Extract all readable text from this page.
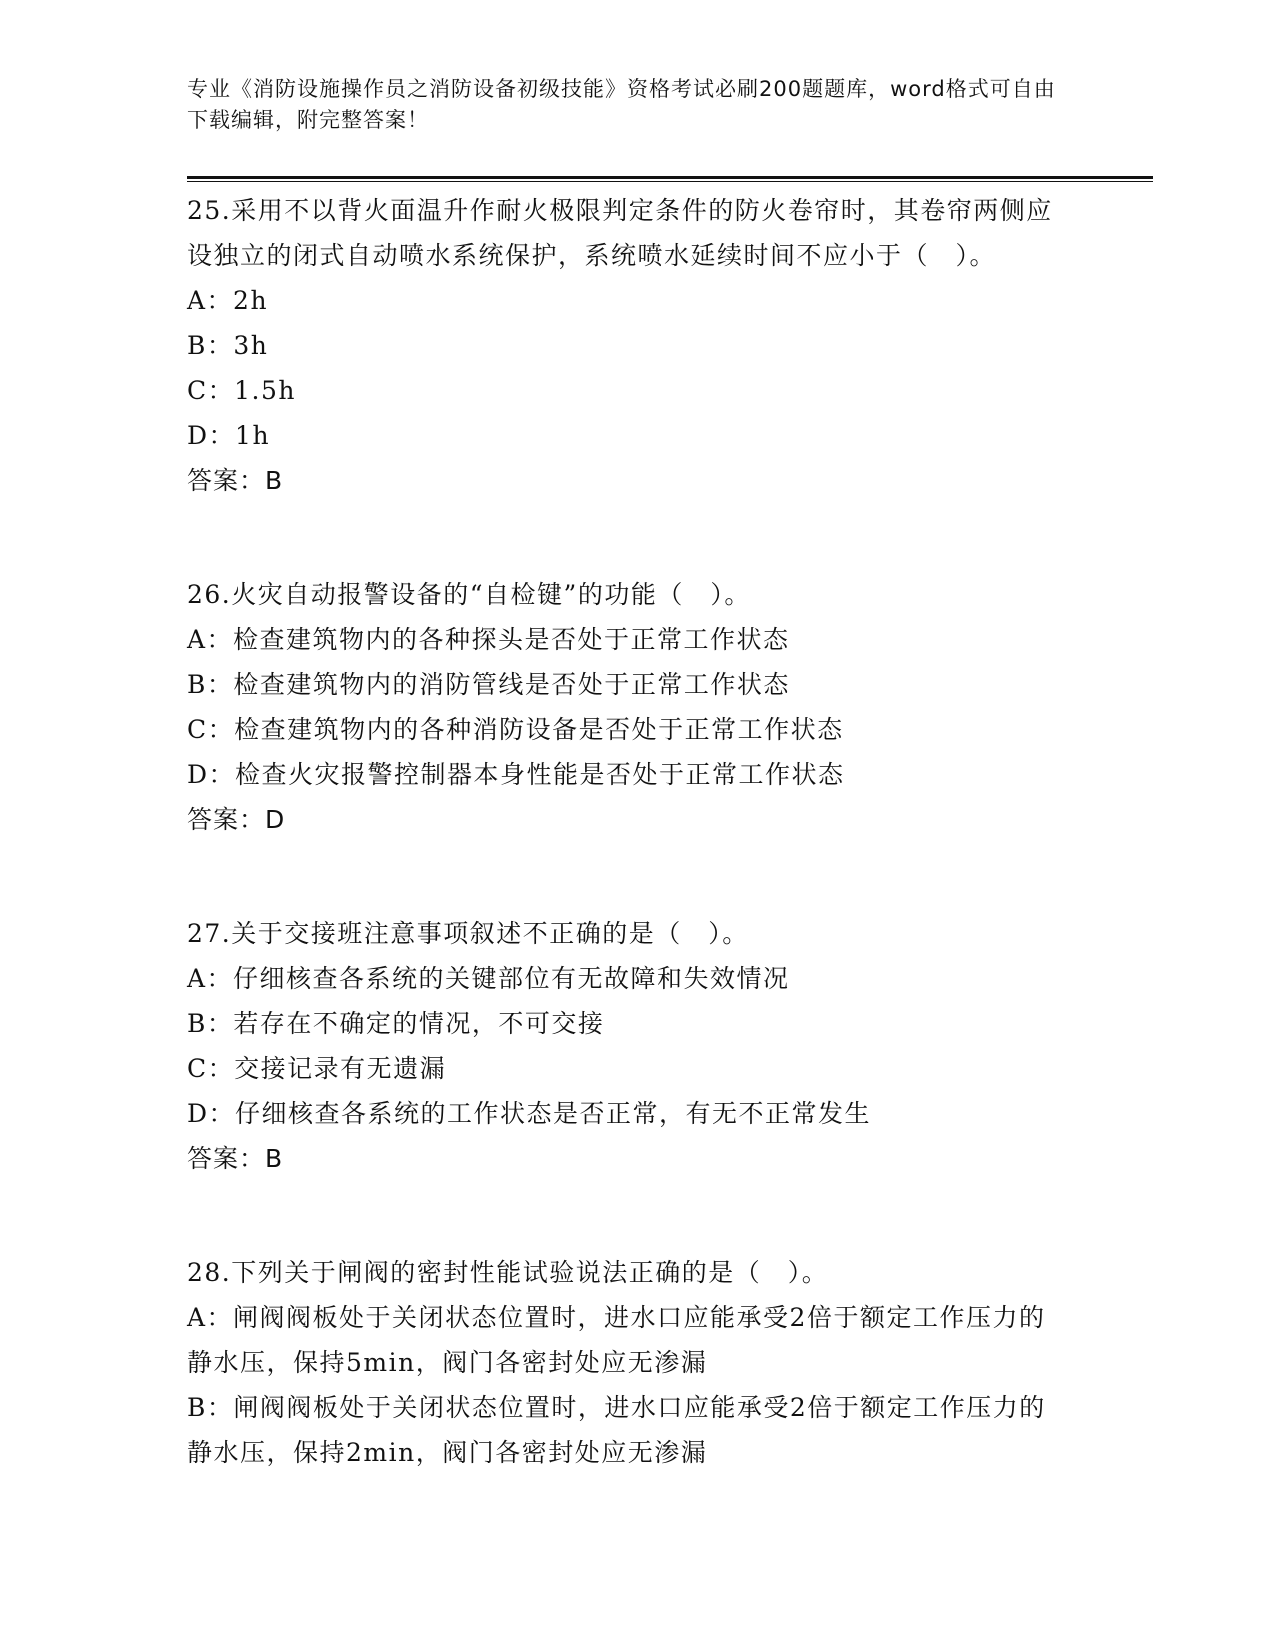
专业《消防设施操作员之消防设备初级技能》资格考试必刷200题题库，word格式可自由下载编辑，附完整答案！

25.采用不以背火面温升作耐火极限判定条件的防火卷帘时，其卷帘两侧应设独立的闭式自动喷水系统保护，系统喷水延续时间不应小于（　）。

A：2h

B：3h

C：1.5h

D：1h

答案：B

26.火灾自动报警设备的“自检键”的功能（　）。

A：检查建筑物内的各种探头是否处于正常工作状态

B：检查建筑物内的消防管线是否处于正常工作状态

C：检查建筑物内的各种消防设备是否处于正常工作状态

D：检查火灾报警控制器本身性能是否处于正常工作状态

答案：D

27.关于交接班注意事项叙述不正确的是（　）。

A：仔细核查各系统的关键部位有无故障和失效情况

B：若存在不确定的情况，不可交接

C：交接记录有无遗漏

D：仔细核查各系统的工作状态是否正常，有无不正常发生

答案：B

28.下列关于闸阀的密封性能试验说法正确的是（　）。

A：闸阀阀板处于关闭状态位置时，进水口应能承受2倍于额定工作压力的静水压，保持5min，阀门各密封处应无渗漏

B：闸阀阀板处于关闭状态位置时，进水口应能承受2倍于额定工作压力的静水压，保持2min，阀门各密封处应无渗漏
